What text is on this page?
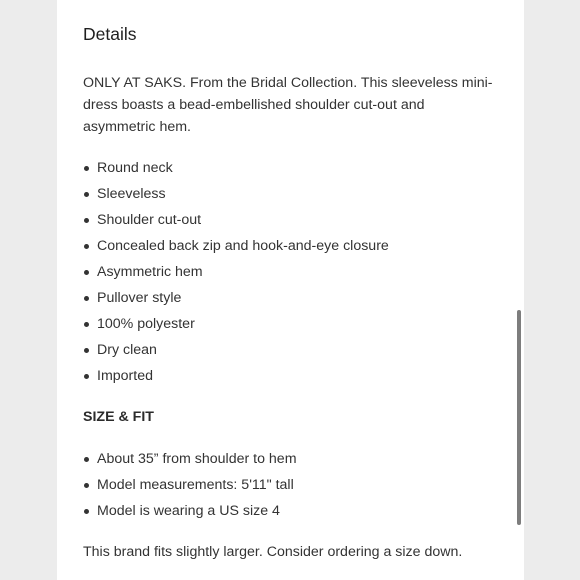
Details

ONLY AT SAKS. From the Bridal Collection. This sleeveless mini-dress boasts a bead-embellished shoulder cut-out and asymmetric hem.

Round neck
Sleeveless
Shoulder cut-out
Concealed back zip and hook-and-eye closure
Asymmetric hem
Pullover style
100% polyester
Dry clean
Imported
SIZE & FIT
About 35” from shoulder to hem
Model measurements: 5'11" tall
Model is wearing a US size 4

This brand fits slightly larger. Consider ordering a size down.
